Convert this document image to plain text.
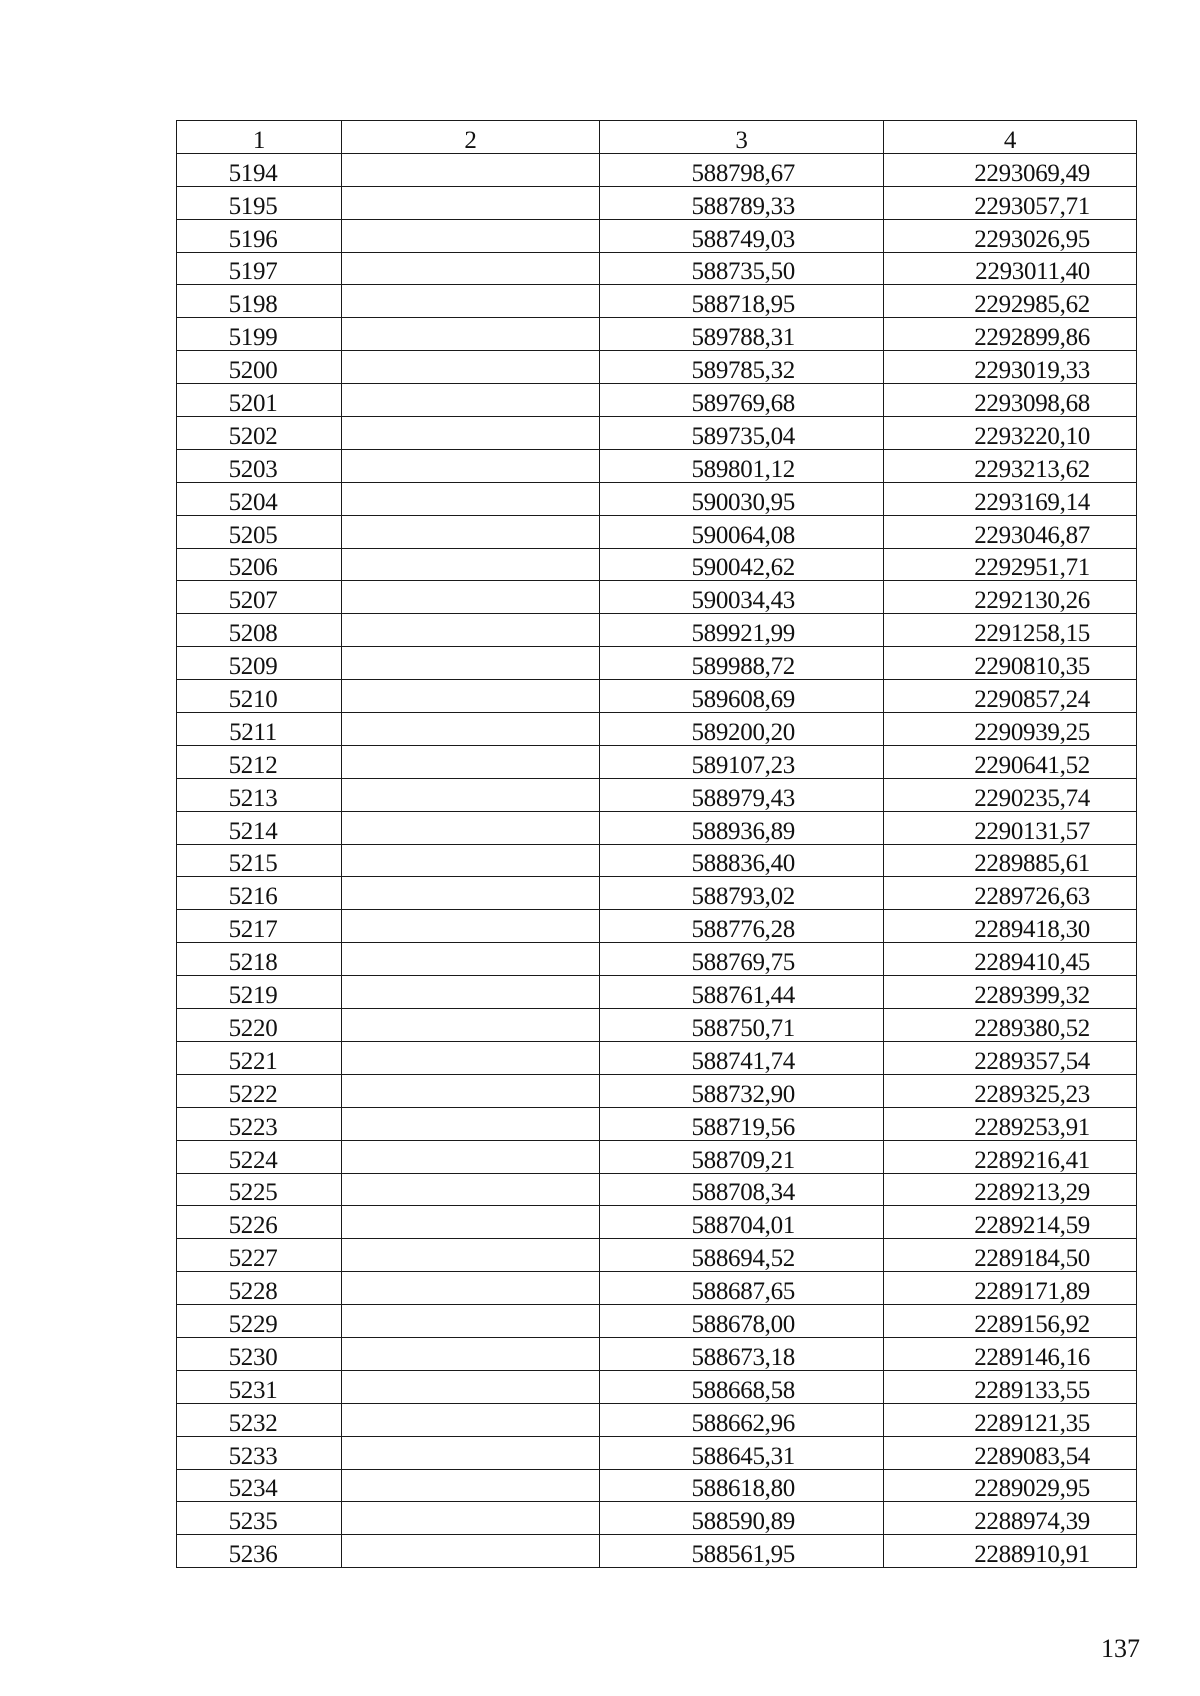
1	2	3	4
5194		588798,67	2293069,49
5195		588789,33	2293057,71
5196		588749,03	2293026,95
5197		588735,50	2293011,40
5198		588718,95	2292985,62
5199		589788,31	2292899,86
5200		589785,32	2293019,33
5201		589769,68	2293098,68
5202		589735,04	2293220,10
5203		589801,12	2293213,62
5204		590030,95	2293169,14
5205		590064,08	2293046,87
5206		590042,62	2292951,71
5207		590034,43	2292130,26
5208		589921,99	2291258,15
5209		589988,72	2290810,35
5210		589608,69	2290857,24
5211		589200,20	2290939,25
5212		589107,23	2290641,52
5213		588979,43	2290235,74
5214		588936,89	2290131,57
5215		588836,40	2289885,61
5216		588793,02	2289726,63
5217		588776,28	2289418,30
5218		588769,75	2289410,45
5219		588761,44	2289399,32
5220		588750,71	2289380,52
5221		588741,74	2289357,54
5222		588732,90	2289325,23
5223		588719,56	2289253,91
5224		588709,21	2289216,41
5225		588708,34	2289213,29
5226		588704,01	2289214,59
5227		588694,52	2289184,50
5228		588687,65	2289171,89
5229		588678,00	2289156,92
5230		588673,18	2289146,16
5231		588668,58	2289133,55
5232		588662,96	2289121,35
5233		588645,31	2289083,54
5234		588618,80	2289029,95
5235		588590,89	2288974,39
5236		588561,95	2288910,91
137
